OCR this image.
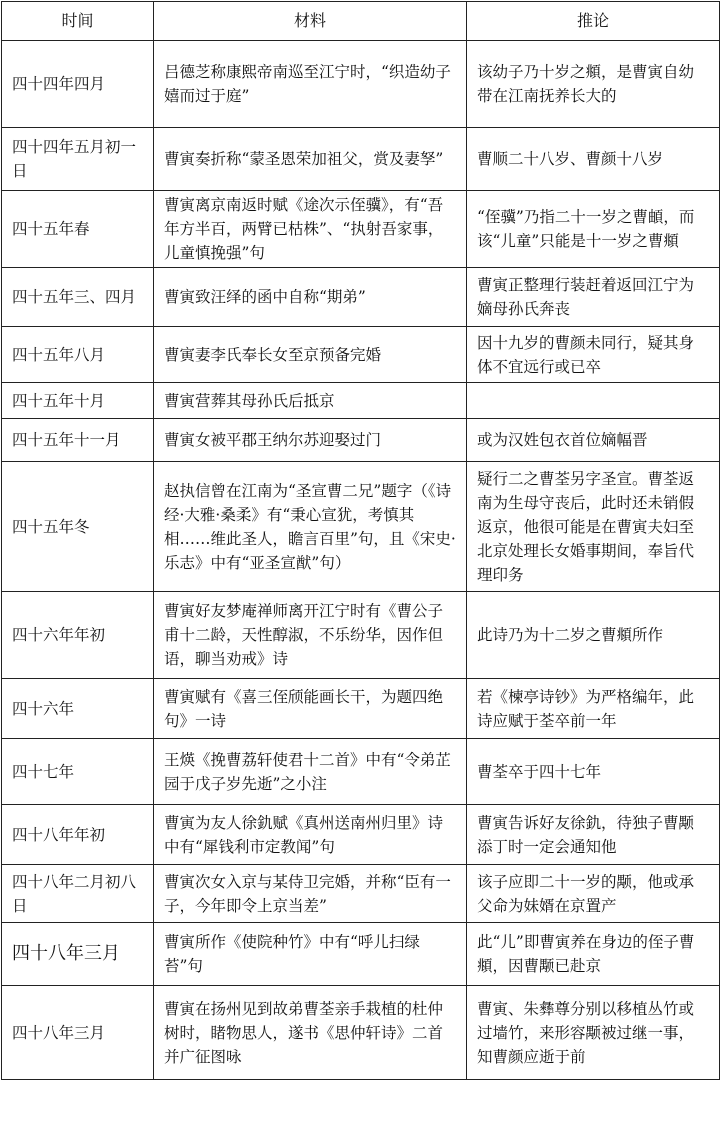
时间	材料	推论
四十四年四月	吕德芝称康熙帝南巡至江宁时，“织造幼子嬉而过于庭”	该幼子乃十岁之頫，是曹寅自幼带在江南抚养长大的
四十四年五月初一日	曹寅奏折称“蒙圣恩荣加祖父，赏及妻孥”	曹顺二十八岁、曹颜十八岁
四十五年春	曹寅离京南返时赋《途次示侄骥》，有“吾年方半百，两臂已枯株”、“执射吾家事，儿童慎挽强”句	“侄骥”乃指二十一岁之曹頔，而该“儿童”只能是十一岁之曹頫
四十五年三、四月	曹寅致汪绎的函中自称“期弟”	曹寅正整理行装赶着返回江宁为嫡母孙氏奔丧
四十五年八月	曹寅妻李氏奉长女至京预备完婚	因十九岁的曹颜未同行，疑其身体不宜远行或已卒
四十五年十月	曹寅营葬其母孙氏后抵京	
四十五年十一月	曹寅女被平郡王纳尔苏迎娶过门	或为汉姓包衣首位嫡幅晋
四十五年冬	赵执信曾在江南为“圣宣曹二兄”题字（《诗经·大雅·桑柔》有“秉心宣犹，考慎其相……维此圣人，瞻言百里”句，且《宋史·乐志》中有“亚圣宣猷”句）	疑行二之曹荃另字圣宣。曹荃返南为生母守丧后，此时还未销假返京，他很可能是在曹寅夫妇至北京处理长女婚事期间，奉旨代理印务
四十六年年初	曹寅好友梦庵禅师离开江宁时有《曹公子甫十二龄，天性醇淑，不乐纷华，因作但语，聊当劝戒》诗	此诗乃为十二岁之曹頫所作
四十六年	曹寅赋有《喜三侄颀能画长干，为题四绝句》一诗	若《楝亭诗钞》为严格编年，此诗应赋于荃卒前一年
四十七年	王煐《挽曹荔轩使君十二首》中有“令弟芷园于戊子岁先逝”之小注	曹荃卒于四十七年
四十八年年初	曹寅为友人徐釚赋《真州送南州归里》诗中有“犀钱利市定教闻”句	曹寅告诉好友徐釚，待独子曹颙添丁时一定会通知他
四十八年二月初八日	曹寅次女入京与某侍卫完婚，并称“臣有一子，今年即令上京当差”	该子应即二十一岁的颙，他或承父命为妹婿在京置产
四十八年三月	曹寅所作《使院种竹》中有“呼儿扫绿苔”句	此“儿”即曹寅养在身边的侄子曹頫，因曹颙已赴京
四十八年三月	曹寅在扬州见到故弟曹荃亲手栽植的杜仲树时，睹物思人，遂书《思仲轩诗》二首并广征图咏	曹寅、朱彝尊分别以移植丛竹或过墙竹，来形容颙被过继一事，知曹颜应逝于前
